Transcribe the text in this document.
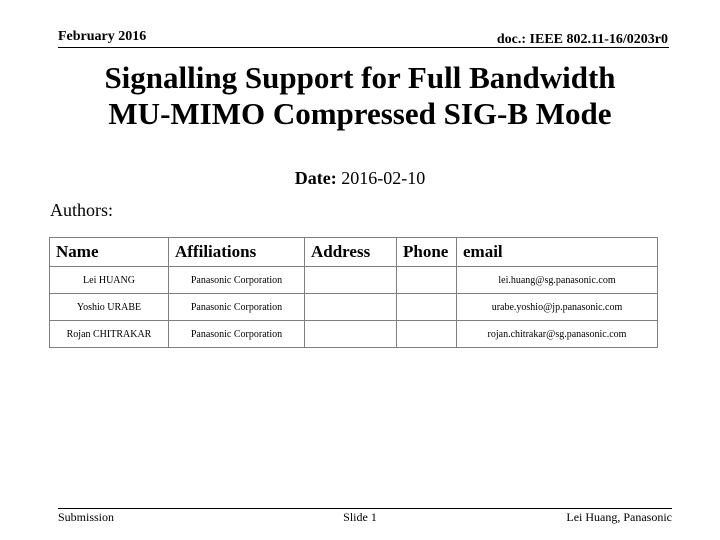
February 2016	doc.: IEEE 802.11-16/0203r0
Signalling Support for Full Bandwidth
MU-MIMO Compressed SIG-B Mode
Date: 2016-02-10
Authors:
Name	Affiliations	Address	Phone	email
Lei HUANG	Panasonic Corporation			lei.huang@sg.panasonic.com
Yoshio URABE	Panasonic Corporation			urabe.yoshio@jp.panasonic.com
Rojan CHITRAKAR	Panasonic Corporation			rojan.chitrakar@sg.panasonic.com
Submission	Slide 1	Lei Huang, Panasonic
